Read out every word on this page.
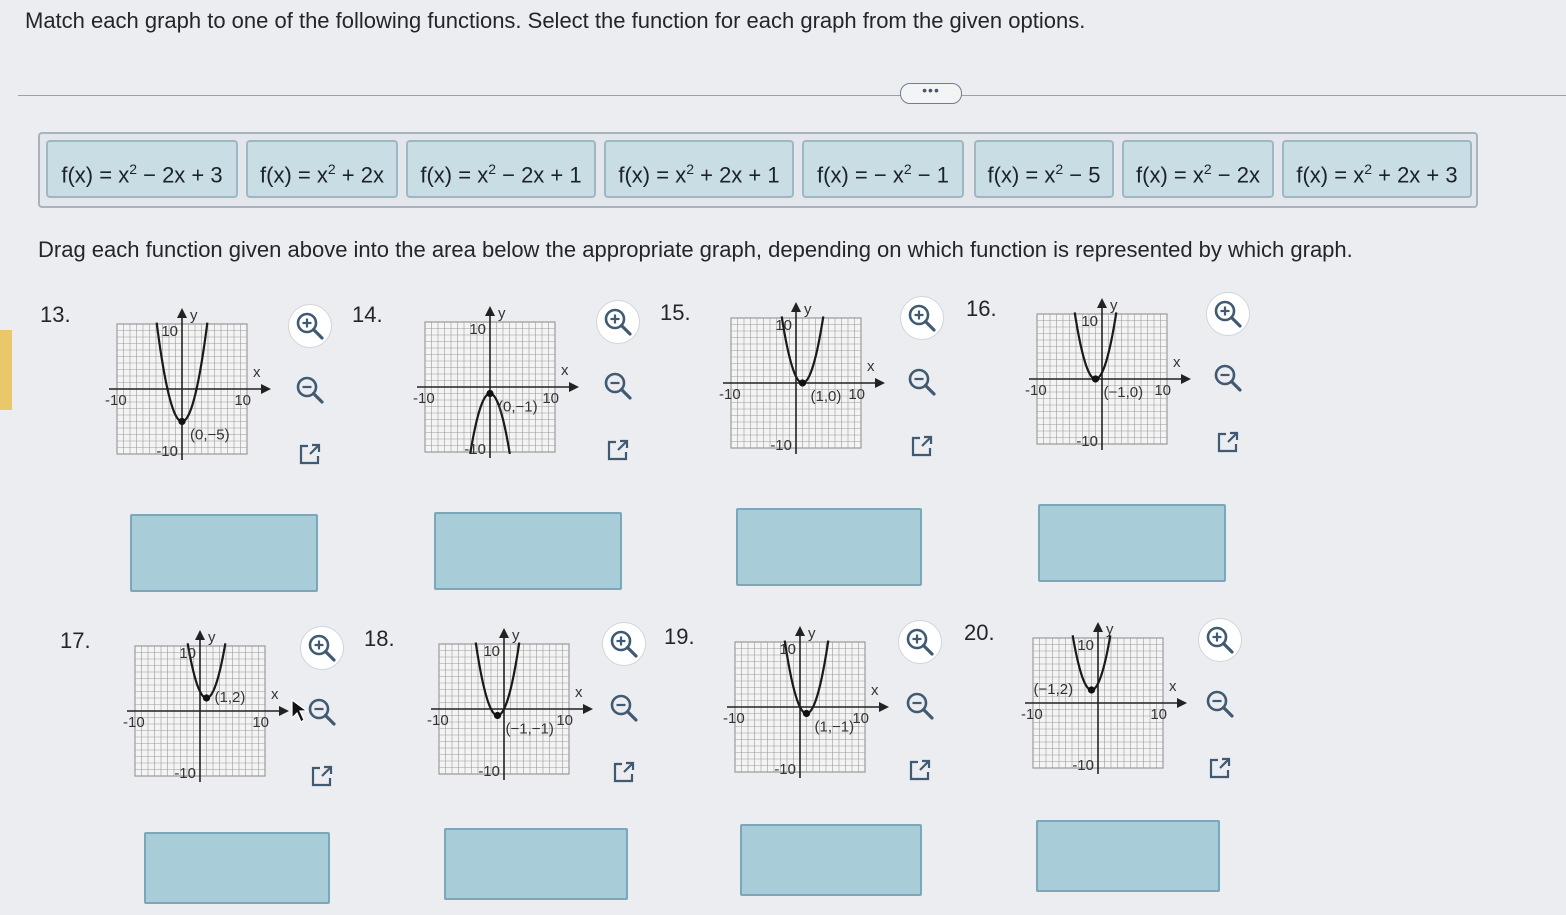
Match each graph to one of the following functions. Select the function for each graph from the given options.
•••
$f(x) = x^2 - 2x + 3$	$f(x) = x^2 + 2x$	$f(x) = x^2 - 2x + 1$	$f(x) = x^2 + 2x + 1$	f(x) = − $x^2 - 1$	$f(x) = x^2 - 5$	$f(x) = x^2 - 2x$	$f(x) = x^2 + 2x + 3$
Drag each function given above into the area below the appropriate graph, depending on which function is represented by which graph.
13.	y
x
10
-10
-10	10
(0,−5)
14.	y
x
10
-10
-10	10
(0,−1)
15.	y
x
10
-10
-10	10
(1,0)
16.	y
x
10
-10
-10	10
(−1,0)
17.	y
x
10
-10
-10	10
(1,2)
18.	y
x
10
-10
-10	10
(−1,−1)
19.	y
x
10
-10
-10	10
(1,−1)
20.	y
x
10
-10
-10	10
(−1,2)
